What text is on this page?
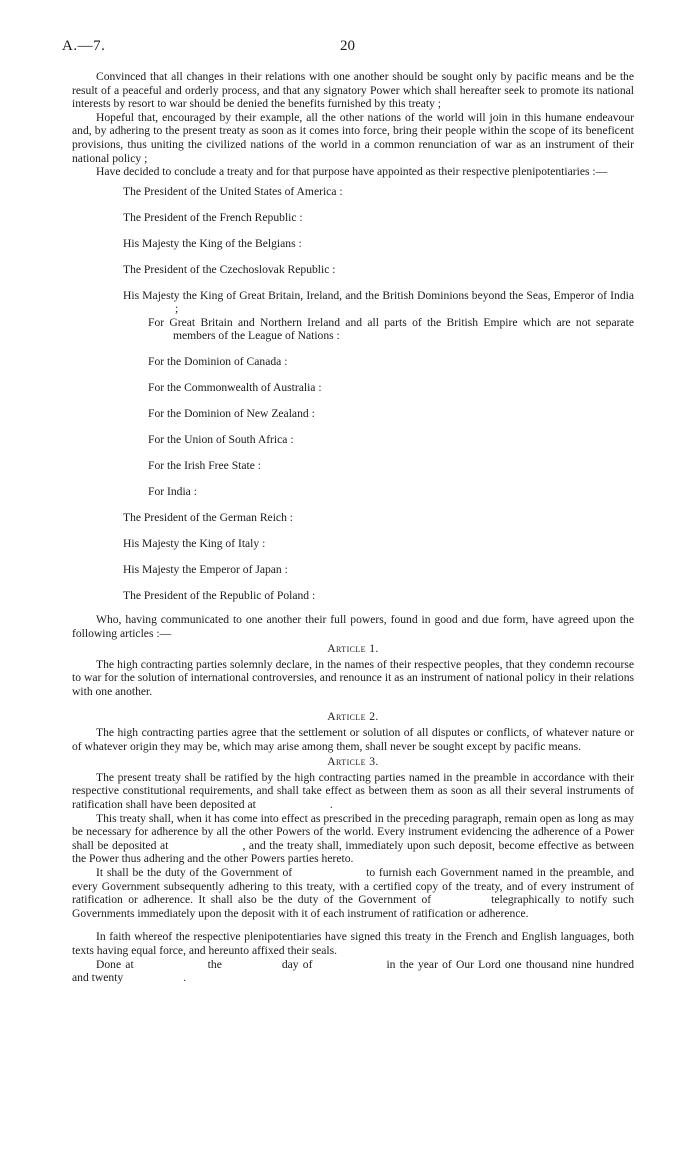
A.—7.	20

Convinced that all changes in their relations with one another should be sought only by pacific means and be the result of a peaceful and orderly process, and that any signatory Power which shall hereafter seek to promote its national interests by resort to war should be denied the benefits furnished by this treaty ;

Hopeful that, encouraged by their example, all the other nations of the world will join in this humane endeavour and, by adhering to the present treaty as soon as it comes into force, bring their people within the scope of its beneficent provisions, thus uniting the civilized nations of the world in a common renunciation of war as an instrument of their national policy ;

Have decided to conclude a treaty and for that purpose have appointed as their respective plenipotentiaries :—

The President of the United States of America :
The President of the French Republic :
His Majesty the King of the Belgians :
The President of the Czechoslovak Republic :
His Majesty the King of Great Britain, Ireland, and the British Dominions beyond the Seas, Emperor of India ;
For Great Britain and Northern Ireland and all parts of the British Empire which are not separate members of the League of Nations :
For the Dominion of Canada :
For the Commonwealth of Australia :
For the Dominion of New Zealand :
For the Union of South Africa :
For the Irish Free State :
For India :
The President of the German Reich :
His Majesty the King of Italy :
His Majesty the Emperor of Japan :
The President of the Republic of Poland :

Who, having communicated to one another their full powers, found in good and due form, have agreed upon the following articles :—

Article 1.

The high contracting parties solemnly declare, in the names of their respective peoples, that they condemn recourse to war for the solution of international controversies, and renounce it as an instrument of national policy in their relations with one another.

Article 2.

The high contracting parties agree that the settlement or solution of all disputes or conflicts, of whatever nature or of whatever origin they may be, which may arise among them, shall never be sought except by pacific means.

Article 3.

The present treaty shall be ratified by the high contracting parties named in the preamble in accordance with their respective constitutional requirements, and shall take effect as between them as soon as all their several instruments of ratification shall have been deposited at	.

This treaty shall, when it has come into effect as prescribed in the preceding paragraph, remain open as long as may be necessary for adherence by all the other Powers of the world. Every instrument evidencing the adherence of a Power shall be deposited at	, and the treaty shall, immediately upon such deposit, become effective as between the Power thus adhering and the other Powers parties hereto.

It shall be the duty of the Government of	to furnish each Government named in the preamble, and every Government subsequently adhering to this treaty, with a certified copy of the treaty, and of every instrument of ratification or adherence. It shall also be the duty of the Government of	telegraphically to notify such Governments immediately upon the deposit with it of each instrument of ratification or adherence.

In faith whereof the respective plenipotentiaries have signed this treaty in the French and English languages, both texts having equal force, and hereunto affixed their seals.

Done at	the	day of	in the year of Our Lord one thousand nine hundred and twenty	.
